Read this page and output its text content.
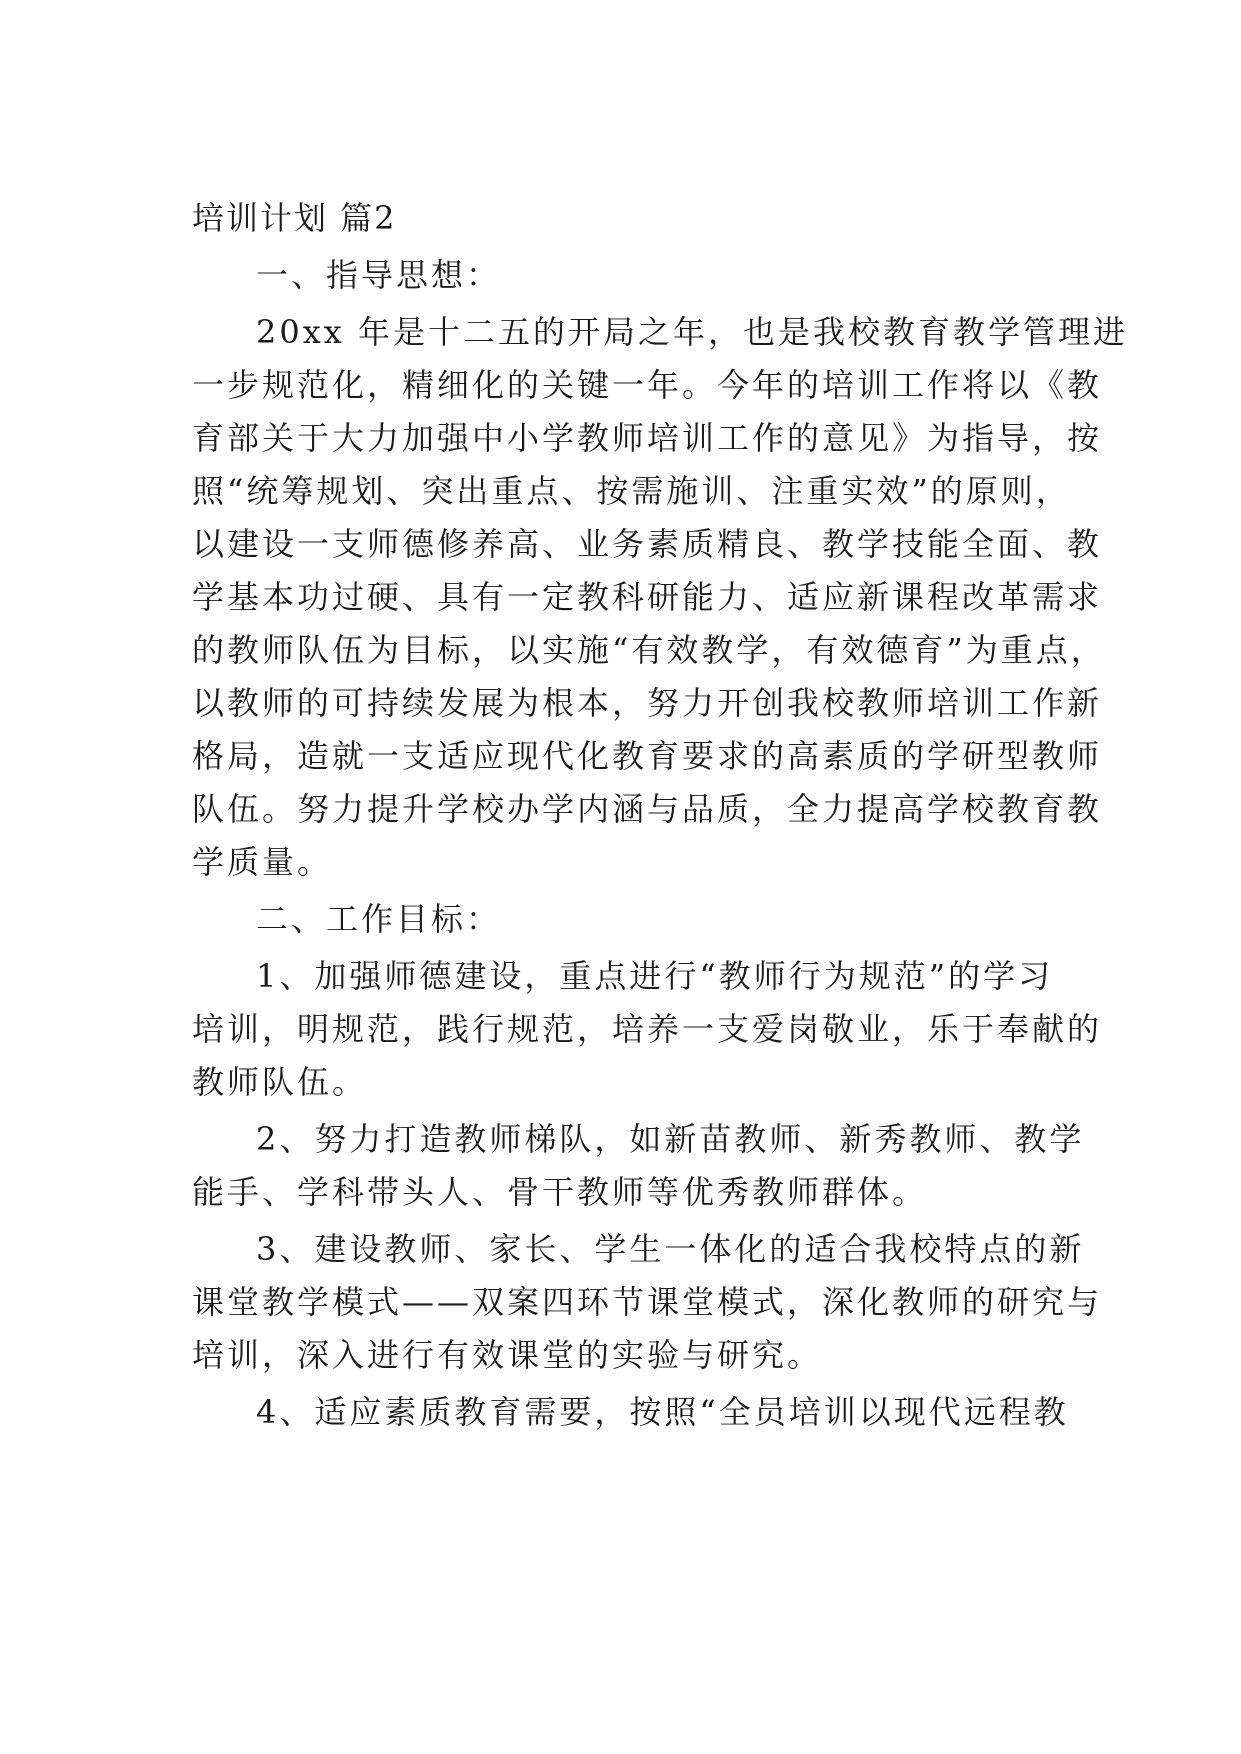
培训计划 篇2
一、指导思想：
20xx 年是十二五的开局之年，也是我校教育教学管理进
一步规范化，精细化的关键一年。今年的培训工作将以《教
育部关于大力加强中小学教师培训工作的意见》为指导，按
照“统筹规划、突出重点、按需施训、注重实效”的原则，
以建设一支师德修养高、业务素质精良、教学技能全面、教
学基本功过硬、具有一定教科研能力、适应新课程改革需求
的教师队伍为目标，以实施“有效教学，有效德育”为重点，
以教师的可持续发展为根本，努力开创我校教师培训工作新
格局，造就一支适应现代化教育要求的高素质的学研型教师
队伍。努力提升学校办学内涵与品质，全力提高学校教育教
学质量。
二、工作目标：
1、加强师德建设，重点进行“教师行为规范”的学习
培训，明规范，践行规范，培养一支爱岗敬业，乐于奉献的
教师队伍。
2、努力打造教师梯队，如新苗教师、新秀教师、教学
能手、学科带头人、骨干教师等优秀教师群体。
3、建设教师、家长、学生一体化的适合我校特点的新
课堂教学模式——双案四环节课堂模式，深化教师的研究与
培训，深入进行有效课堂的实验与研究。
4、适应素质教育需要，按照“全员培训以现代远程教
